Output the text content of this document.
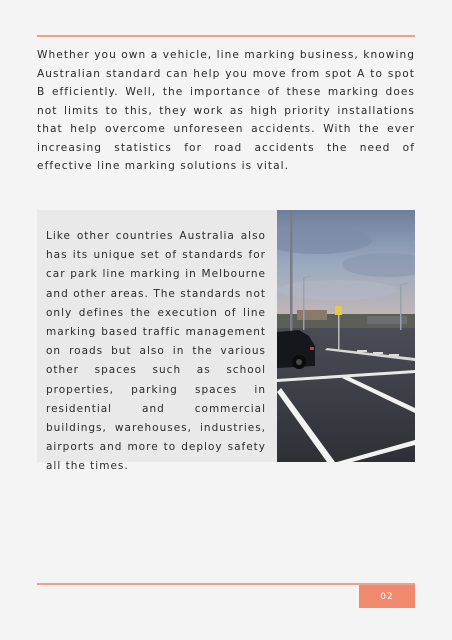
Whether you own a vehicle, line marking business, knowing Australian standard can help you move from spot A to spot B efficiently. Well, the importance of these marking does not limits to this, they work as high priority installations that help overcome unforeseen accidents. With the ever increasing statistics for road accidents the need of effective line marking solutions is vital.

Like other countries Australia also has its unique set of standards for car park line marking in Melbourne and other areas. The standards not only defines the execution of line marking based traffic management on roads but also in the various other spaces such as school properties, parking spaces in residential and commercial buildings, warehouses, industries, airports and more to deploy safety all the times.

02
